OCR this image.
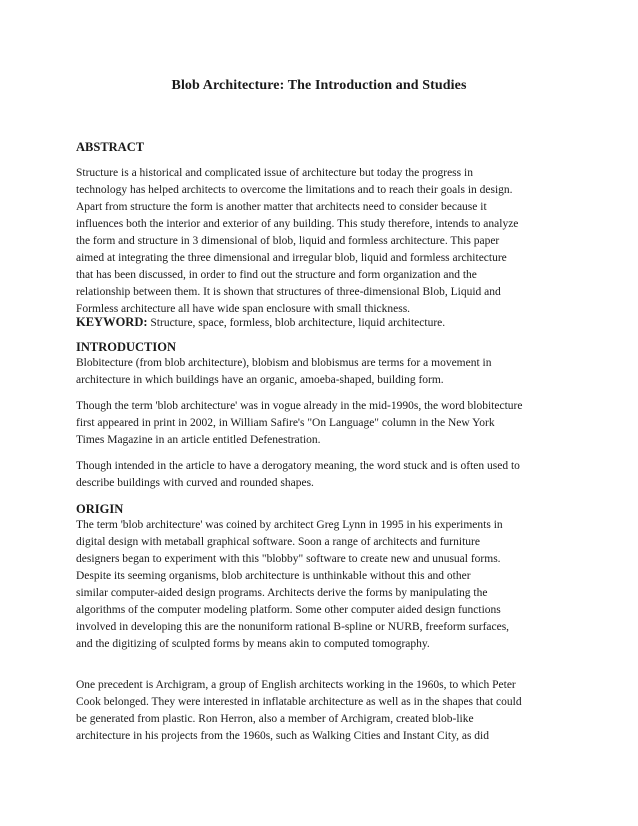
Blob Architecture: The Introduction and Studies
ABSTRACT
Structure is a historical and complicated issue of architecture but today the progress in
technology has helped architects to overcome the limitations and to reach their goals in design.
Apart from structure the form is another matter that architects need to consider because it
influences both the interior and exterior of any building. This study therefore, intends to analyze
the form and structure in 3 dimensional of blob, liquid and formless architecture. This paper
aimed at integrating the three dimensional and irregular blob, liquid and formless architecture
that has been discussed, in order to find out the structure and form organization and the
relationship between them. It is shown that structures of three-dimensional Blob, Liquid and
Formless architecture all have wide span enclosure with small thickness.
KEYWORD: Structure, space, formless, blob architecture, liquid architecture.
INTRODUCTION
Blobitecture (from blob architecture), blobism and blobismus are terms for a movement in
architecture in which buildings have an organic, amoeba-shaped, building form.
Though the term 'blob architecture' was in vogue already in the mid-1990s, the word blobitecture
first appeared in print in 2002, in William Safire's "On Language" column in the New York
Times Magazine in an article entitled Defenestration.
Though intended in the article to have a derogatory meaning, the word stuck and is often used to
describe buildings with curved and rounded shapes.
ORIGIN
The term 'blob architecture' was coined by architect Greg Lynn in 1995 in his experiments in
digital design with metaball graphical software. Soon a range of architects and furniture
designers began to experiment with this "blobby" software to create new and unusual forms.
Despite its seeming organisms, blob architecture is unthinkable without this and other
similar computer-aided design programs. Architects derive the forms by manipulating the
algorithms of the computer modeling platform. Some other computer aided design functions
involved in developing this are the nonuniform rational B-spline or NURB, freeform surfaces,
and the digitizing of sculpted forms by means akin to computed tomography.
One precedent is Archigram, a group of English architects working in the 1960s, to which Peter
Cook belonged. They were interested in inflatable architecture as well as in the shapes that could
be generated from plastic. Ron Herron, also a member of Archigram, created blob-like
architecture in his projects from the 1960s, such as Walking Cities and Instant City, as did
